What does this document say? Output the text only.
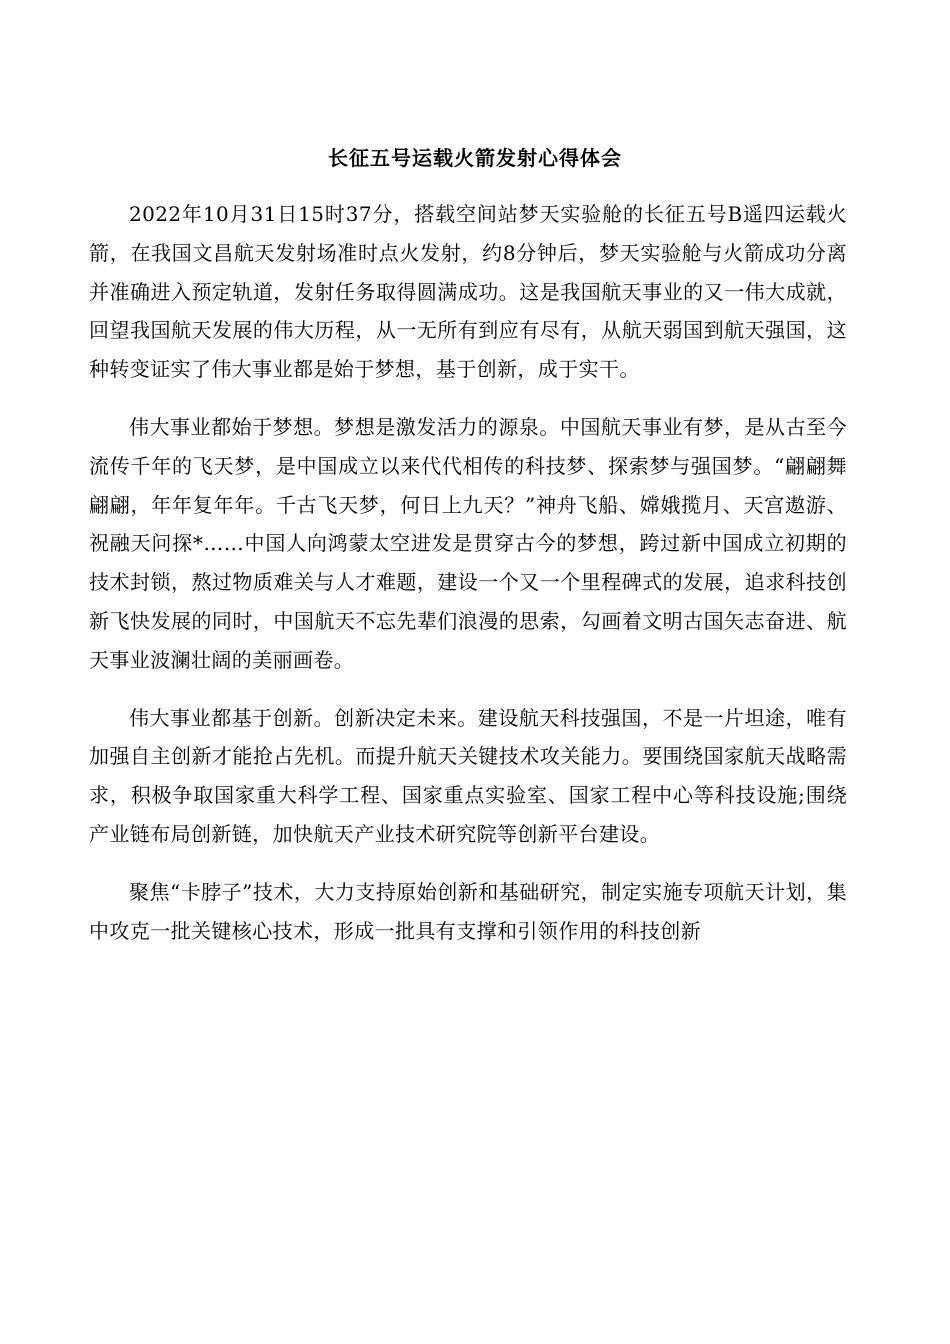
长征五号运载火箭发射心得体会

2022年10月31日15时37分，搭载空间站梦天实验舱的长征五号B遥四运载火箭，在我国文昌航天发射场准时点火发射，约8分钟后，梦天实验舱与火箭成功分离并准确进入预定轨道，发射任务取得圆满成功。这是我国航天事业的又一伟大成就，回望我国航天发展的伟大历程，从一无所有到应有尽有，从航天弱国到航天强国，这种转变证实了伟大事业都是始于梦想，基于创新，成于实干。

伟大事业都始于梦想。梦想是激发活力的源泉。中国航天事业有梦，是从古至今流传千年的飞天梦，是中国成立以来代代相传的科技梦、探索梦与强国梦。“翩翩舞翩翩，年年复年年。千古飞天梦，何日上九天？”神舟飞船、嫦娥揽月、天宫遨游、祝融天问探*……中国人向鸿蒙太空进发是贯穿古今的梦想，跨过新中国成立初期的技术封锁，熬过物质难关与人才难题，建设一个又一个里程碑式的发展，追求科技创新飞快发展的同时，中国航天不忘先辈们浪漫的思索，勾画着文明古国矢志奋进、航天事业波澜壮阔的美丽画卷。

伟大事业都基于创新。创新决定未来。建设航天科技强国，不是一片坦途，唯有加强自主创新才能抢占先机。而提升航天关键技术攻关能力。要围绕国家航天战略需求，积极争取国家重大科学工程、国家重点实验室、国家工程中心等科技设施;围绕产业链布局创新链，加快航天产业技术研究院等创新平台建设。

聚焦“卡脖子”技术，大力支持原始创新和基础研究，制定实施专项航天计划，集中攻克一批关键核心技术，形成一批具有支撑和引领作用的科技创新
